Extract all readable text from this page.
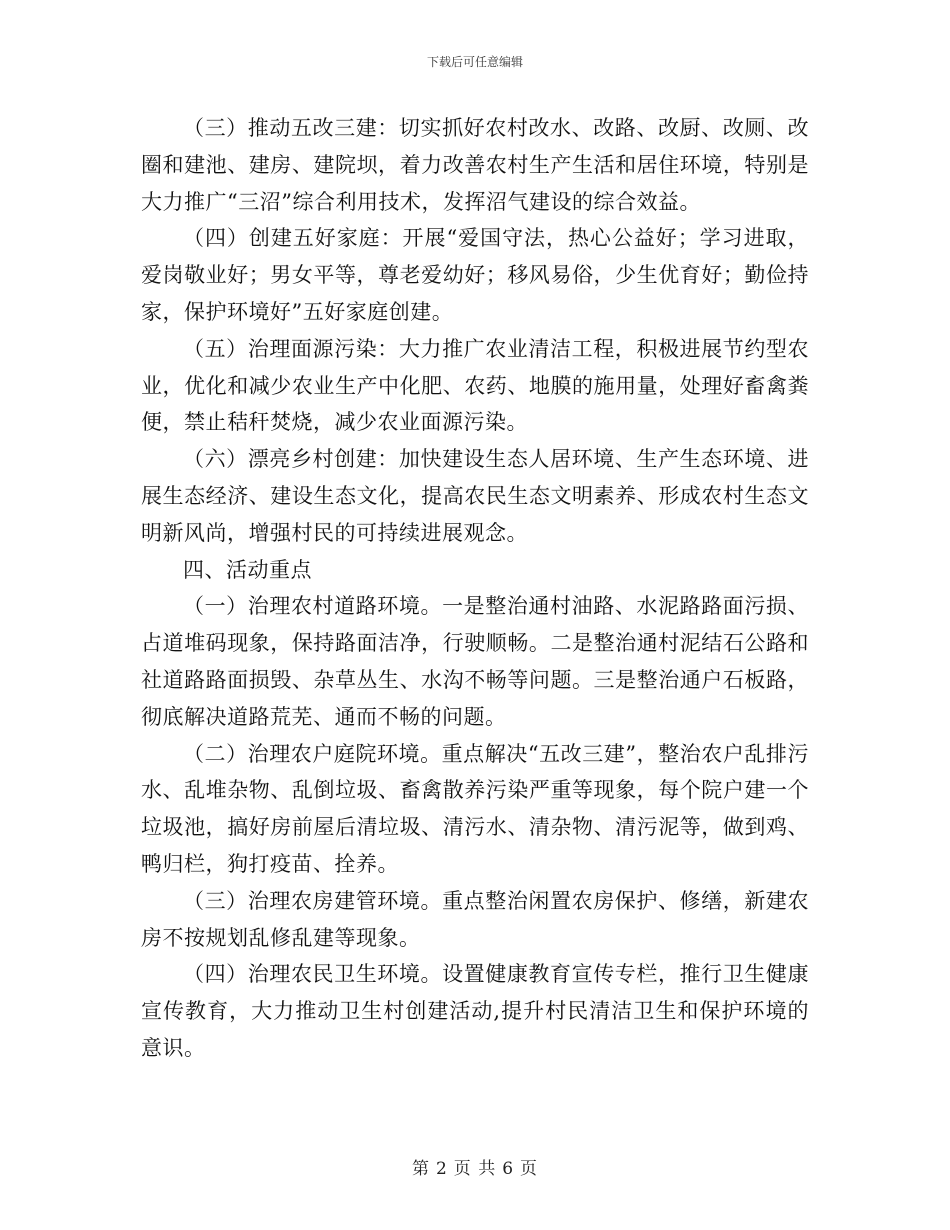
下载后可任意编辑

（三）推动五改三建：切实抓好农村改水、改路、改厨、改厕、改圈和建池、建房、建院坝，着力改善农村生产生活和居住环境，特别是大力推广“三沼”综合利用技术，发挥沼气建设的综合效益。

（四）创建五好家庭：开展“爱国守法，热心公益好；学习进取，爱岗敬业好；男女平等，尊老爱幼好；移风易俗，少生优育好；勤俭持家，保护环境好”五好家庭创建。

（五）治理面源污染：大力推广农业清洁工程，积极进展节约型农业，优化和减少农业生产中化肥、农药、地膜的施用量，处理好畜禽粪便，禁止秸秆焚烧，减少农业面源污染。

（六）漂亮乡村创建：加快建设生态人居环境、生产生态环境、进展生态经济、建设生态文化，提高农民生态文明素养、形成农村生态文明新风尚，增强村民的可持续进展观念。

四、活动重点

（一）治理农村道路环境。一是整治通村油路、水泥路路面污损、占道堆码现象，保持路面洁净，行驶顺畅。二是整治通村泥结石公路和社道路路面损毁、杂草丛生、水沟不畅等问题。三是整治通户石板路，彻底解决道路荒芜、通而不畅的问题。

（二）治理农户庭院环境。重点解决“五改三建”，整治农户乱排污水、乱堆杂物、乱倒垃圾、畜禽散养污染严重等现象，每个院户建一个垃圾池，搞好房前屋后清垃圾、清污水、清杂物、清污泥等，做到鸡、鸭归栏，狗打疫苗、拴养。

（三）治理农房建管环境。重点整治闲置农房保护、修缮，新建农房不按规划乱修乱建等现象。

（四）治理农民卫生环境。设置健康教育宣传专栏，推行卫生健康宣传教育，大力推动卫生村创建活动,提升村民清洁卫生和保护环境的意识。

第 2 页 共 6 页
